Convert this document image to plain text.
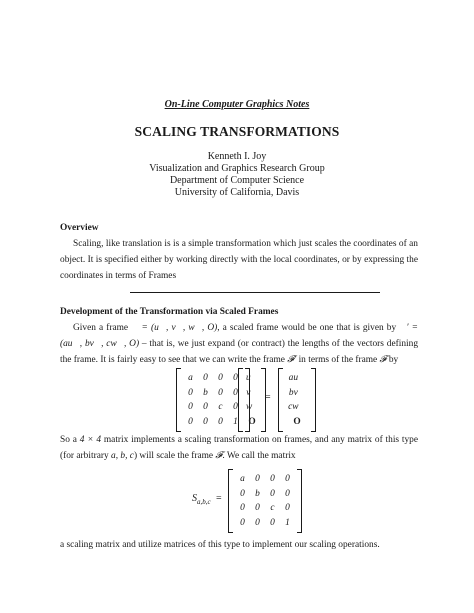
On-Line Computer Graphics Notes
SCALING TRANSFORMATIONS
Kenneth I. Joy
Visualization and Graphics Research Group
Department of Computer Science
University of California, Davis
Overview
Scaling, like translation is is a simple transformation which just scales the coordinates of an object. It is specified either by working directly with the local coordinates, or by expressing the coordinates in terms of Frames
Development of the Transformation via Scaled Frames
Given a frame 𝓕 = (u⃗, v⃗, w⃗, O), a scaled frame would be one that is given by 𝓕′ = (au⃗, bv⃗, cw⃗, O) – that is, we just expand (or contract) the lengths of the vectors defining the frame. It is fairly easy to see that we can write the frame 𝓕′ in terms of the frame 𝓕 by
a	0	0	0
0	b	0	0
0	0	c	0
0	0	0	1
u⃗
v⃗
w⃗
O
=
au⃗
bv⃗
cw⃗
O
So a 4 × 4 matrix implements a scaling transformation on frames, and any matrix of this type (for arbitrary a, b, c) will scale the frame 𝓕. We call the matrix
$S_{a,b,c}$ =
a	0	0	0
0	b	0	0
0	0	c	0
0	0	0	1
a scaling matrix and utilize matrices of this type to implement our scaling operations.
